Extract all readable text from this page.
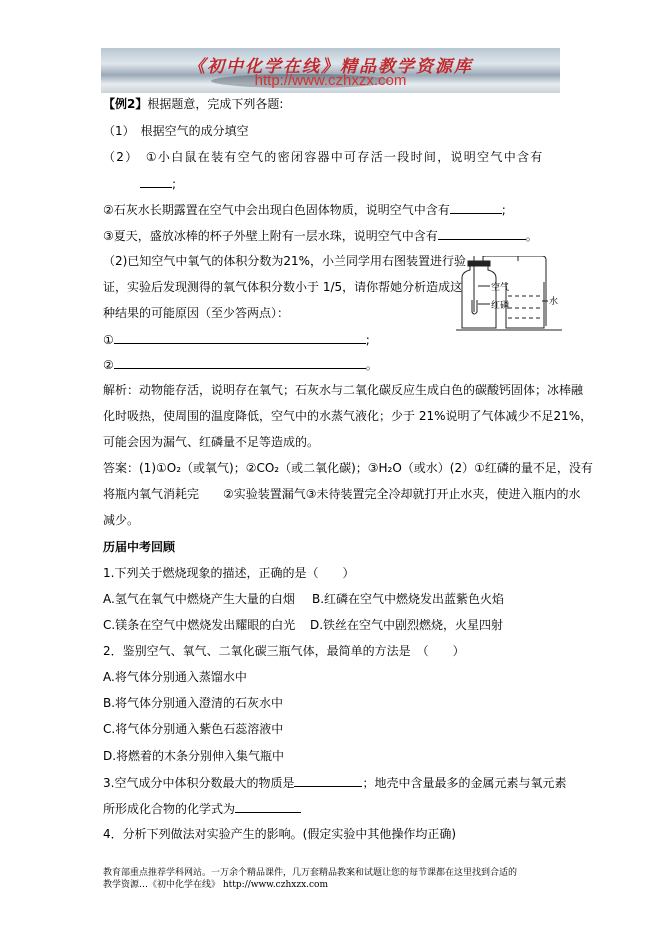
《初中化学在线》精品教学资源库
http://www.czhxzx.com
【例2】根据题意，完成下列各题:
（1）　根据空气的成分填空
（2）　①小白鼠在装有空气的密闭容器中可存活一段时间，说明空气中含有
;
②石灰水长期露置在空气中会出现白色固体物质，说明空气中含有	;
③夏天，盛放冰棒的杯子外壁上附有一层水珠，说明空气中含有	。
（2)已知空气中氧气的体积分数为21%，小兰同学用右图装置进行验
证，实验后发现测得的氧气体积分数小于 1/5，请你帮她分析造成这
种结果的可能原因（至少答两点）：
①	;
②	。
解析：动物能存活，说明存在氧气；石灰水与二氧化碳反应生成白色的碳酸钙固体；冰棒融
化时吸热，使周围的温度降低，空气中的水蒸气液化；少于 21%说明了气体减少不足21%，
可能会因为漏气、红磷量不足等造成的。
答案：(1)①O₂（或氧气)；②CO₂（或二氧化碳)；③H₂O（或水）(2）①红磷的量不足，没有
将瓶内氧气消耗完　　②实验装置漏气③未待装置完全冷却就打开止水夹，使进入瓶内的水
减少。
历届中考回顾
1.下列关于燃烧现象的描述，正确的是（　　）
A.氢气在氧气中燃烧产生大量的白烟 B.红磷在空气中燃烧发出蓝紫色火焰
C.镁条在空气中燃烧发出耀眼的白光 D.铁丝在空气中剧烈燃烧，火星四射
2．鉴别空气、氧气、二氧化碳三瓶气体，最简单的方法是　（　　）
A.将气体分别通入蒸馏水中
B.将气体分别通入澄清的石灰水中
C.将气体分别通入紫色石蕊溶液中
D.将燃着的木条分别伸入集气瓶中
3.空气成分中体积分数最大的物质是	；地壳中含量最多的金属元素与氧元素
所形成化合物的化学式为
4．分析下列做法对实验产生的影响。(假定实验中其他操作均正确)
空气
红磷	水
教育部重点推荐学科网站。一万余个精品课件，几万套精品教案和试题让您的每节课都在这里找到合适的
教学资源…《初中化学在线》 http://www.czhxzx.com
